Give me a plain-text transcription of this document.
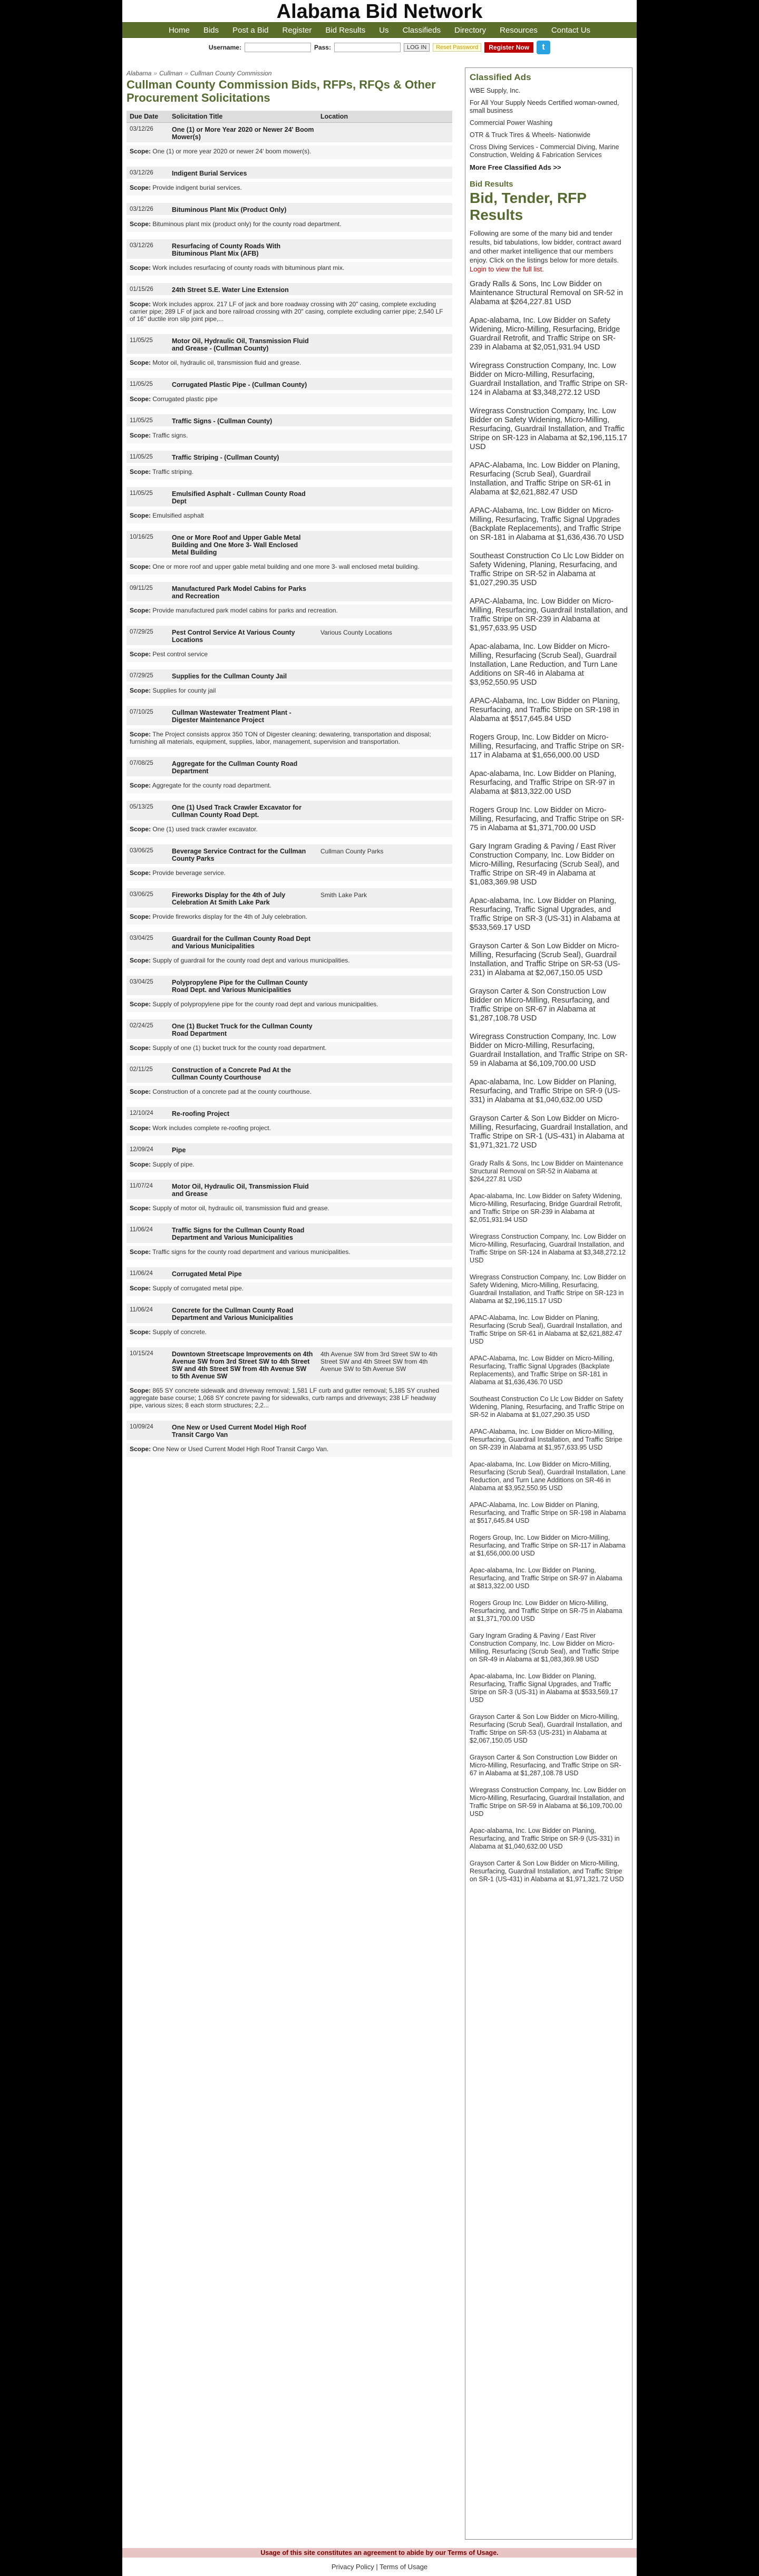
Alabama Bid Network
Home	Bids	Post a Bid	Register	Bid Results	Us	Classifieds	Directory	Resources	Contact Us
Username:	Pass:	LOG IN	Reset Password	Register Now	t
Alabama » Cullman » Cullman County Commission
Cullman County Commission Bids, RFPs, RFQs & Other Procurement Solicitations
Due Date	Solicitation Title	Location
03/12/26	One (1) or More Year 2020 or Newer 24' Boom Mower(s)	
Scope: One (1) or more year 2020 or newer 24' boom mower(s).		

03/12/26	Indigent Burial Services	
Scope: Provide indigent burial services.		

03/12/26	Bituminous Plant Mix (Product Only)	
Scope: Bituminous plant mix (product only) for the county road department.		

03/12/26	Resurfacing of County Roads With Bituminous Plant Mix (AFB)	
Scope: Work includes resurfacing of county roads with bituminous plant mix.		

01/15/26	24th Street S.E. Water Line Extension	
Scope: Work includes approx. 217 LF of jack and bore roadway crossing with 20" casing, complete excluding carrier pipe; 289 LF of jack and bore railroad crossing with 20" casing, complete excluding carrier pipe; 2,540 LF of 16" ductile iron slip joint pipe,...		

11/05/25	Motor Oil, Hydraulic Oil, Transmission Fluid and Grease - (Cullman County)	
Scope: Motor oil, hydraulic oil, transmission fluid and grease.		

11/05/25	Corrugated Plastic Pipe - (Cullman County)	
Scope: Corrugated plastic pipe		

11/05/25	Traffic Signs - (Cullman County)	
Scope: Traffic signs.		

11/05/25	Traffic Striping - (Cullman County)	
Scope: Traffic striping.		

11/05/25	Emulsified Asphalt - Cullman County Road Dept	
Scope: Emulsified asphalt		

10/16/25	One or More Roof and Upper Gable Metal Building and One More 3- Wall Enclosed Metal Building	
Scope: One or more roof and upper gable metal building and one more 3- wall enclosed metal building.		

09/11/25	Manufactured Park Model Cabins for Parks and Recreation	
Scope: Provide manufactured park model cabins for parks and recreation.		

07/29/25	Pest Control Service At Various County Locations	Various County Locations
Scope: Pest control service		

07/29/25	Supplies for the Cullman County Jail	
Scope: Supplies for county jail		

07/10/25	Cullman Wastewater Treatment Plant - Digester Maintenance Project	
Scope: The Project consists approx 350 TON of Digester cleaning; dewatering, transportation and disposal; furnishing all materials, equipment, supplies, labor, management, supervision and transportation.		

07/08/25	Aggregate for the Cullman County Road Department	
Scope: Aggregate for the county road department.		

05/13/25	One (1) Used Track Crawler Excavator for Cullman County Road Dept.	
Scope: One (1) used track crawler excavator.		

03/06/25	Beverage Service Contract for the Cullman County Parks	Cullman County Parks
Scope: Provide beverage service.		

03/06/25	Fireworks Display for the 4th of July Celebration At Smith Lake Park	Smith Lake Park
Scope: Provide fireworks display for the 4th of July celebration.		

03/04/25	Guardrail for the Cullman County Road Dept and Various Municipalities	
Scope: Supply of guardrail for the county road dept and various municipalities.		

03/04/25	Polypropylene Pipe for the Cullman County Road Dept. and Various Municipalities	
Scope: Supply of polypropylene pipe for the county road dept and various municipalities.		

02/24/25	One (1) Bucket Truck for the Cullman County Road Department	
Scope: Supply of one (1) bucket truck for the county road department.		

02/11/25	Construction of a Concrete Pad At the Cullman County Courthouse	
Scope: Construction of a concrete pad at the county courthouse.		

12/10/24	Re-roofing Project	
Scope: Work includes complete re-roofing project.		

12/09/24	Pipe	
Scope: Supply of pipe.		

11/07/24	Motor Oil, Hydraulic Oil, Transmission Fluid and Grease	
Scope: Supply of motor oil, hydraulic oil, transmission fluid and grease.		

11/06/24	Traffic Signs for the Cullman County Road Department and Various Municipalities	
Scope: Traffic signs for the county road department and various municipalities.		

11/06/24	Corrugated Metal Pipe	
Scope: Supply of corrugated metal pipe.		

11/06/24	Concrete for the Cullman County Road Department and Various Municipalities	
Scope: Supply of concrete.		

10/15/24	Downtown Streetscape Improvements on 4th Avenue SW from 3rd Street SW to 4th Street SW and 4th Street SW from 4th Avenue SW to 5th Avenue SW	4th Avenue SW from 3rd Street SW to 4th Street SW and 4th Street SW from 4th Avenue SW to 5th Avenue SW
Scope: 865 SY concrete sidewalk and driveway removal; 1,581 LF curb and gutter removal; 5,185 SY crushed aggregate base course; 1,068 SY concrete paving for sidewalks, curb ramps and driveways; 238 LF headway pipe, various sizes; 8 each storm structures; 2,2...		

10/09/24	One New or Used Current Model High Roof Transit Cargo Van	
Scope: One New or Used Current Model High Roof Transit Cargo Van.		

Classified Ads
WBE Supply, Inc.
For All Your Supply Needs Certified woman-owned, small business
Commercial Power Washing
OTR & Truck Tires & Wheels- Nationwide
Cross Diving Services - Commercial Diving, Marine Construction, Welding & Fabrication Services
More Free Classified Ads >>
Bid Results
Bid, Tender, RFP Results
Following are some of the many bid and tender results, bid tabulations, low bidder, contract award and other market intelligence that our members enjoy. Click on the listings below for more details. Login to view the full list.
Grady Ralls & Sons, Inc Low Bidder on Maintenance Structural Removal on SR-52 in Alabama at $264,227.81 USD
Apac-alabama, Inc. Low Bidder on Safety Widening, Micro-Milling, Resurfacing, Bridge Guardrail Retrofit, and Traffic Stripe on SR-239 in Alabama at $2,051,931.94 USD
Wiregrass Construction Company, Inc. Low Bidder on Micro-Milling, Resurfacing, Guardrail Installation, and Traffic Stripe on SR-124 in Alabama at $3,348,272.12 USD
Wiregrass Construction Company, Inc. Low Bidder on Safety Widening, Micro-Milling, Resurfacing, Guardrail Installation, and Traffic Stripe on SR-123 in Alabama at $2,196,115.17 USD
APAC-Alabama, Inc. Low Bidder on Planing, Resurfacing (Scrub Seal), Guardrail Installation, and Traffic Stripe on SR-61 in Alabama at $2,621,882.47 USD
APAC-Alabama, Inc. Low Bidder on Micro-Milling, Resurfacing, Traffic Signal Upgrades (Backplate Replacements), and Traffic Stripe on SR-181 in Alabama at $1,636,436.70 USD
Southeast Construction Co Llc Low Bidder on Safety Widening, Planing, Resurfacing, and Traffic Stripe on SR-52 in Alabama at $1,027,290.35 USD
APAC-Alabama, Inc. Low Bidder on Micro-Milling, Resurfacing, Guardrail Installation, and Traffic Stripe on SR-239 in Alabama at $1,957,633.95 USD
Apac-alabama, Inc. Low Bidder on Micro-Milling, Resurfacing (Scrub Seal), Guardrail Installation, Lane Reduction, and Turn Lane Additions on SR-46 in Alabama at $3,952,550.95 USD
APAC-Alabama, Inc. Low Bidder on Planing, Resurfacing, and Traffic Stripe on SR-198 in Alabama at $517,645.84 USD
Rogers Group, Inc. Low Bidder on Micro-Milling, Resurfacing, and Traffic Stripe on SR-117 in Alabama at $1,656,000.00 USD
Apac-alabama, Inc. Low Bidder on Planing, Resurfacing, and Traffic Stripe on SR-97 in Alabama at $813,322.00 USD
Rogers Group Inc. Low Bidder on Micro-Milling, Resurfacing, and Traffic Stripe on SR-75 in Alabama at $1,371,700.00 USD
Gary Ingram Grading & Paving / East River Construction Company, Inc. Low Bidder on Micro-Milling, Resurfacing (Scrub Seal), and Traffic Stripe on SR-49 in Alabama at $1,083,369.98 USD
Apac-alabama, Inc. Low Bidder on Planing, Resurfacing, Traffic Signal Upgrades, and Traffic Stripe on SR-3 (US-31) in Alabama at $533,569.17 USD
Grayson Carter & Son Low Bidder on Micro-Milling, Resurfacing (Scrub Seal), Guardrail Installation, and Traffic Stripe on SR-53 (US-231) in Alabama at $2,067,150.05 USD
Grayson Carter & Son Construction Low Bidder on Micro-Milling, Resurfacing, and Traffic Stripe on SR-67 in Alabama at $1,287,108.78 USD
Wiregrass Construction Company, Inc. Low Bidder on Micro-Milling, Resurfacing, Guardrail Installation, and Traffic Stripe on SR-59 in Alabama at $6,109,700.00 USD
Apac-alabama, Inc. Low Bidder on Planing, Resurfacing, and Traffic Stripe on SR-9 (US-331) in Alabama at $1,040,632.00 USD
Grayson Carter & Son Low Bidder on Micro-Milling, Resurfacing, Guardrail Installation, and Traffic Stripe on SR-1 (US-431) in Alabama at $1,971,321.72 USD
Grady Ralls & Sons, Inc Low Bidder on Maintenance Structural Removal on SR-52 in Alabama at $264,227.81 USD
Apac-alabama, Inc. Low Bidder on Safety Widening, Micro-Milling, Resurfacing, Bridge Guardrail Retrofit, and Traffic Stripe on SR-239 in Alabama at $2,051,931.94 USD
Wiregrass Construction Company, Inc. Low Bidder on Micro-Milling, Resurfacing, Guardrail Installation, and Traffic Stripe on SR-124 in Alabama at $3,348,272.12 USD
Wiregrass Construction Company, Inc. Low Bidder on Safety Widening, Micro-Milling, Resurfacing, Guardrail Installation, and Traffic Stripe on SR-123 in Alabama at $2,196,115.17 USD
APAC-Alabama, Inc. Low Bidder on Planing, Resurfacing (Scrub Seal), Guardrail Installation, and Traffic Stripe on SR-61 in Alabama at $2,621,882.47 USD
APAC-Alabama, Inc. Low Bidder on Micro-Milling, Resurfacing, Traffic Signal Upgrades (Backplate Replacements), and Traffic Stripe on SR-181 in Alabama at $1,636,436.70 USD
Southeast Construction Co Llc Low Bidder on Safety Widening, Planing, Resurfacing, and Traffic Stripe on SR-52 in Alabama at $1,027,290.35 USD
APAC-Alabama, Inc. Low Bidder on Micro-Milling, Resurfacing, Guardrail Installation, and Traffic Stripe on SR-239 in Alabama at $1,957,633.95 USD
Apac-alabama, Inc. Low Bidder on Micro-Milling, Resurfacing (Scrub Seal), Guardrail Installation, Lane Reduction, and Turn Lane Additions on SR-46 in Alabama at $3,952,550.95 USD
APAC-Alabama, Inc. Low Bidder on Planing, Resurfacing, and Traffic Stripe on SR-198 in Alabama at $517,645.84 USD
Rogers Group, Inc. Low Bidder on Micro-Milling, Resurfacing, and Traffic Stripe on SR-117 in Alabama at $1,656,000.00 USD
Apac-alabama, Inc. Low Bidder on Planing, Resurfacing, and Traffic Stripe on SR-97 in Alabama at $813,322.00 USD
Rogers Group Inc. Low Bidder on Micro-Milling, Resurfacing, and Traffic Stripe on SR-75 in Alabama at $1,371,700.00 USD
Gary Ingram Grading & Paving / East River Construction Company, Inc. Low Bidder on Micro-Milling, Resurfacing (Scrub Seal), and Traffic Stripe on SR-49 in Alabama at $1,083,369.98 USD
Apac-alabama, Inc. Low Bidder on Planing, Resurfacing, Traffic Signal Upgrades, and Traffic Stripe on SR-3 (US-31) in Alabama at $533,569.17 USD
Grayson Carter & Son Low Bidder on Micro-Milling, Resurfacing (Scrub Seal), Guardrail Installation, and Traffic Stripe on SR-53 (US-231) in Alabama at $2,067,150.05 USD
Grayson Carter & Son Construction Low Bidder on Micro-Milling, Resurfacing, and Traffic Stripe on SR-67 in Alabama at $1,287,108.78 USD
Wiregrass Construction Company, Inc. Low Bidder on Micro-Milling, Resurfacing, Guardrail Installation, and Traffic Stripe on SR-59 in Alabama at $6,109,700.00 USD
Apac-alabama, Inc. Low Bidder on Planing, Resurfacing, and Traffic Stripe on SR-9 (US-331) in Alabama at $1,040,632.00 USD
Grayson Carter & Son Low Bidder on Micro-Milling, Resurfacing, Guardrail Installation, and Traffic Stripe on SR-1 (US-431) in Alabama at $1,971,321.72 USD
Usage of this site constitutes an agreement to abide by our Terms of Usage.
Privacy Policy | Terms of Usage
